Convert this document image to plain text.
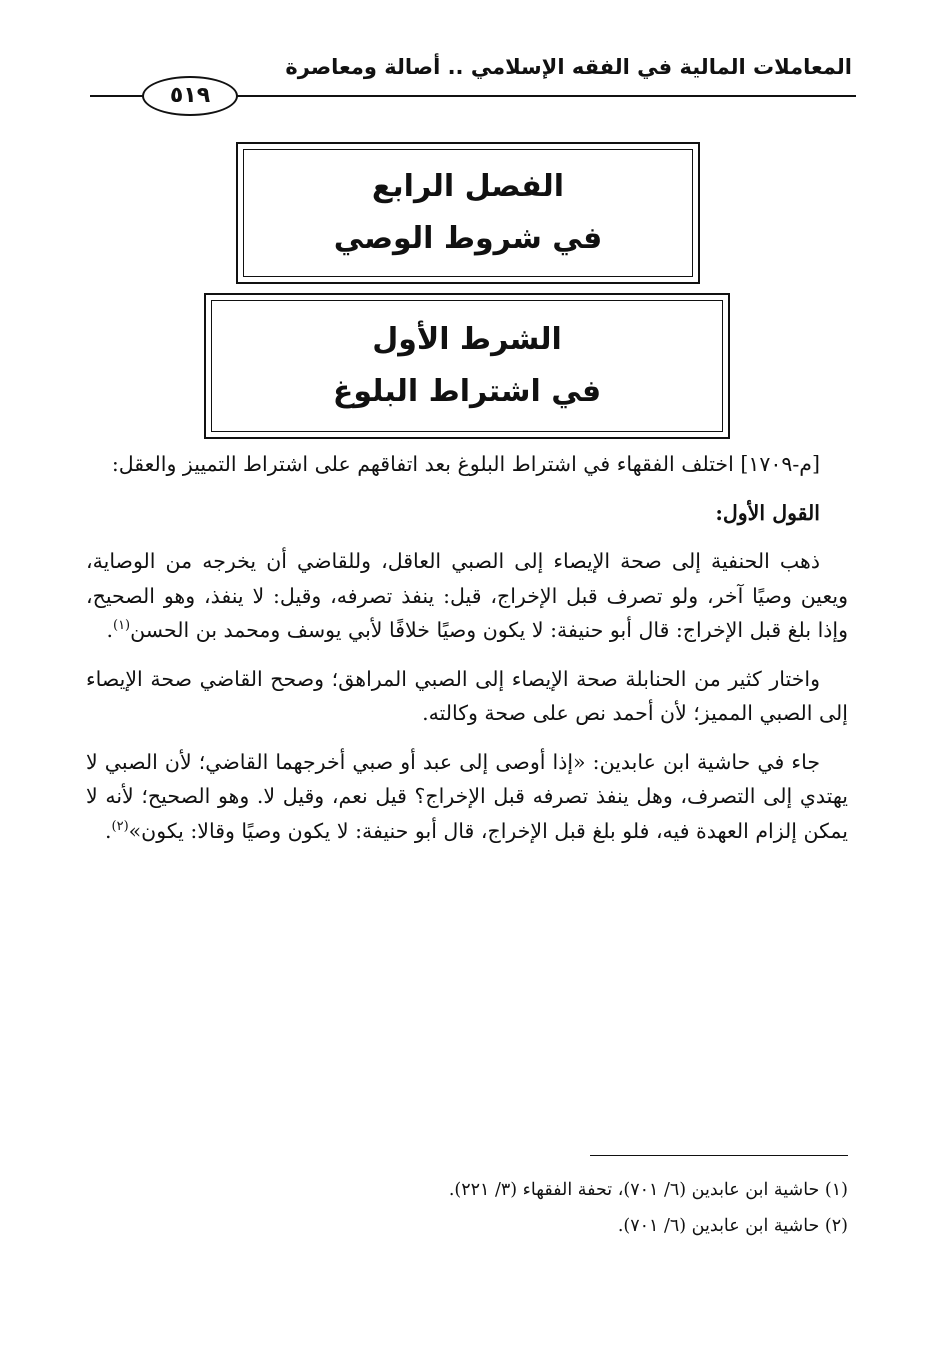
المعاملات المالية في الفقه الإسلامي .. أصالة ومعاصرة
٥١٩
الفصل الرابع
في شروط الوصي
الشرط الأول
في اشتراط البلوغ

[م-١٧٠٩] اختلف الفقهاء في اشتراط البلوغ بعد اتفاقهم على اشتراط التمييز والعقل:

القول الأول:

ذهب الحنفية إلى صحة الإيصاء إلى الصبي العاقل، وللقاضي أن يخرجه من الوصاية، ويعين وصيًا آخر، ولو تصرف قبل الإخراج، قيل: ينفذ تصرفه، وقيل: لا ينفذ، وهو الصحيح، وإذا بلغ قبل الإخراج: قال أبو حنيفة: لا يكون وصيًا خلافًا لأبي يوسف ومحمد بن الحسن$^{(١)}$.

واختار كثير من الحنابلة صحة الإيصاء إلى الصبي المراهق؛ وصحح القاضي صحة الإيصاء إلى الصبي المميز؛ لأن أحمد نص على صحة وكالته.

جاء في حاشية ابن عابدين: «إذا أوصى إلى عبد أو صبي أخرجهما القاضي؛ لأن الصبي لا يهتدي إلى التصرف، وهل ينفذ تصرفه قبل الإخراج؟ قيل نعم، وقيل لا. وهو الصحيح؛ لأنه لا يمكن إلزام العهدة فيه، فلو بلغ قبل الإخراج، قال أبو حنيفة: لا يكون وصيًا وقالا: يكون»$^{(٢)}$.

(١) حاشية ابن عابدين (٦/ ٧٠١)، تحفة الفقهاء (٣/ ٢٢١).
(٢) حاشية ابن عابدين (٦/ ٧٠١).
